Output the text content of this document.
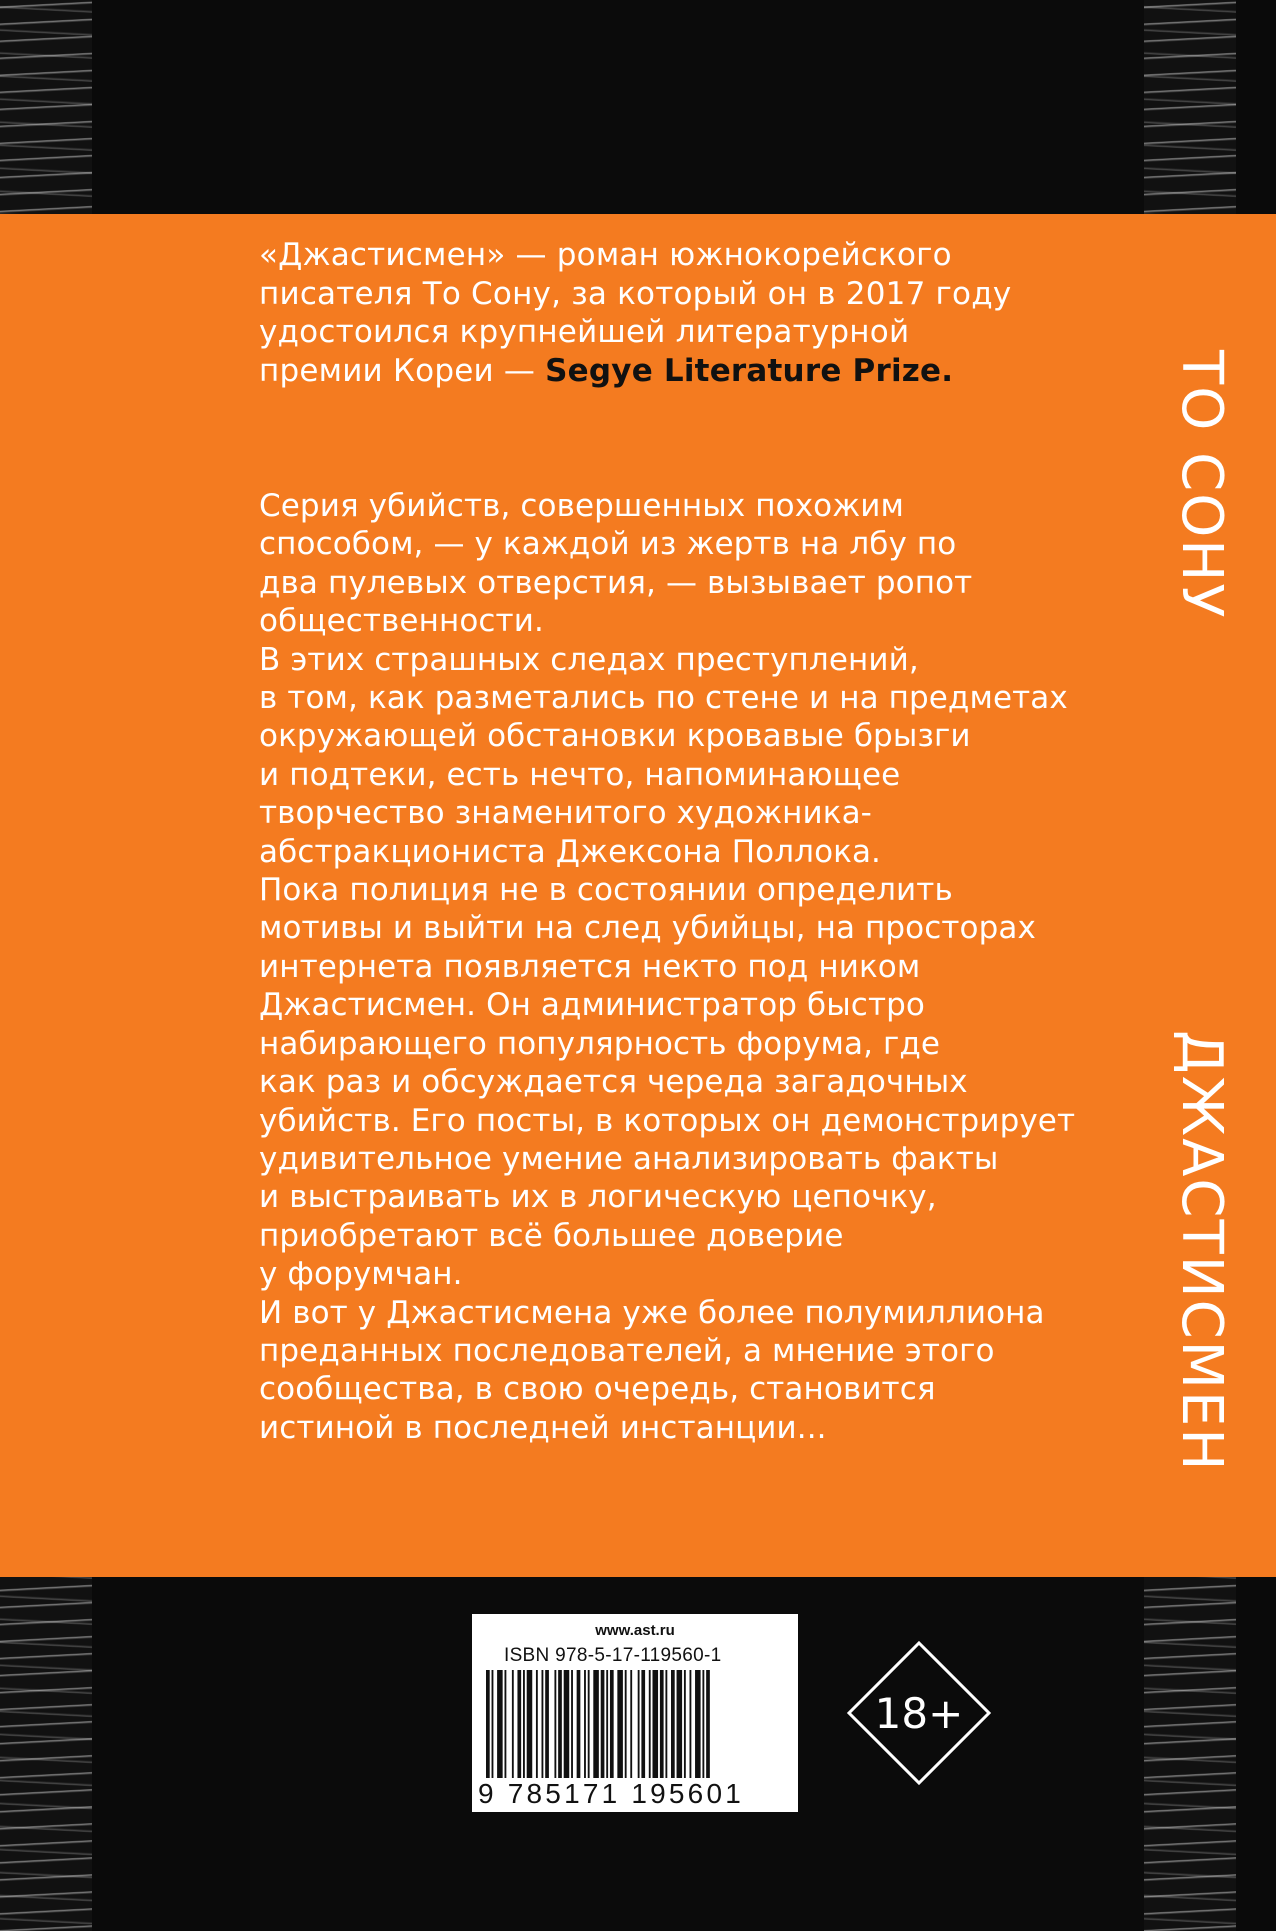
«Джастисмен» — роман южнокорейского

писателя То Сону, за который он в 2017 году

удостоился крупнейшей литературной

премии Кореи — Segye Literature Prize.

Серия убийств, совершенных похожим

способом, — у каждой из жертв на лбу по

два пулевых отверстия, — вызывает ропот

общественности.

В этих страшных следах преступлений,

в том, как разметались по стене и на предметах

окружающей обстановки кровавые брызги

и подтеки, есть нечто, напоминающее

творчество знаменитого художника-

абстракциониста Джексона Поллока.

Пока полиция не в состоянии определить

мотивы и выйти на след убийцы, на просторах

интернета появляется некто под ником

Джастисмен. Он администратор быстро

набирающего популярность форума, где

как раз и обсуждается череда загадочных

убийств. Его посты, в которых он демонстрирует

удивительное умение анализировать факты

и выстраивать их в логическую цепочку,

приобретают всё большее доверие

у форумчан.

И вот у Джастисмена уже более полумиллиона

преданных последователей, а мнение этого

сообщества, в свою очередь, становится

истиной в последней инстанции...

ТО СОНУ
ДЖАСТИСМЕН
www.ast.ru
ISBN 978-5-17-119560-1
9 785171 195601
18+
